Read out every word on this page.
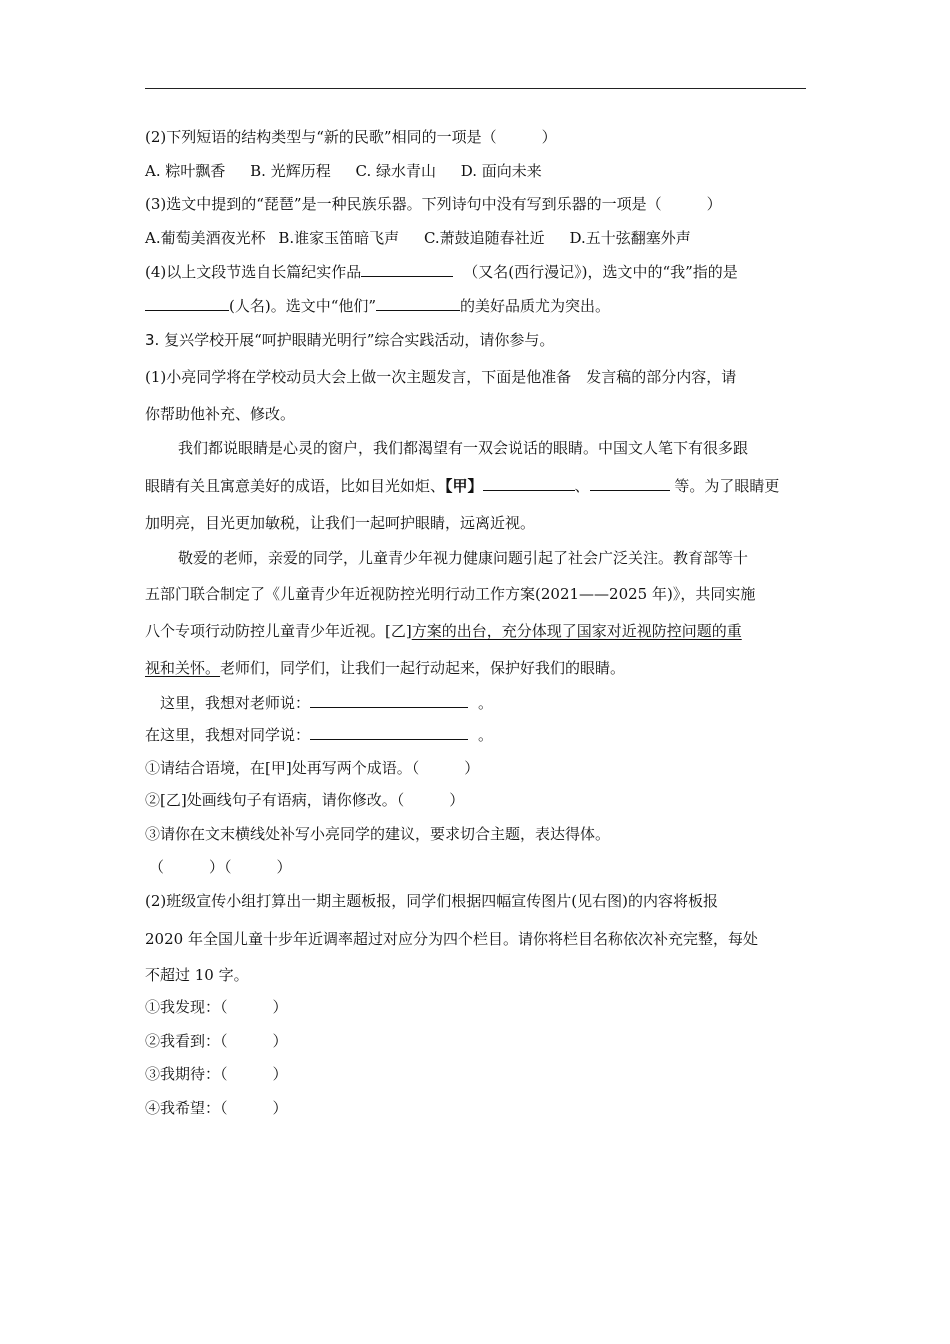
(2)下列短语的结构类型与“新的民歌”相同的一项是（　　　）
A. 粽叶飘香 B. 光辉历程 C. 绿水青山 D. 面向未来
(3)选文中提到的“琵琶”是一种民族乐器。下列诗句中没有写到乐器的一项是（　　　）
A.葡萄美酒夜光杯 B.谁家玉笛暗飞声 C.萧鼓追随春社近 D.五十弦翻塞外声
(4)以上文段节选自长篇纪实作品	（又名(西行漫记》)，选文中的“我”指的是
(人名)。选文中“他们”	的美好品质尤为突出。
3. 复兴学校开展“呵护眼睛光明行”综合实践活动，请你参与。
(1)小亮同学将在学校动员大会上做一次主题发言，下面是他准备　发言稿的部分内容，请
你帮助他补充、修改。
我们都说眼睛是心灵的窗户，我们都渴望有一双会说话的眼睛。中国文人笔下有很多跟
眼睛有关且寓意美好的成语，比如目光如炬、【甲】	、	等。为了眼睛更
加明亮，目光更加敏税，让我们一起呵护眼睛，远离近视。
敬爱的老师，亲爱的同学，儿童青少年视力健康问题引起了社会广泛关注。教育部等十
五部门联合制定了《儿童青少年近视防控光明行动工作方案(2021——2025 年)》，共同实施
八个专项行动防控儿童青少年近视。[乙]方案的出台，充分体现了国家对近视防控问题的重
视和关怀。老师们，同学们，让我们一起行动起来，保护好我们的眼睛。
这里，我想对老师说：	。
在这里，我想对同学说：	。
①请结合语境，在[甲]处再写两个成语。（　　　）
②[乙]处画线句子有语病，请你修改。（　　　）
③请你在文末横线处补写小亮同学的建议，要求切合主题，表达得体。
（　　　）（　　　）
(2)班级宣传小组打算出一期主题板报，同学们根据四幅宣传图片(见右图)的内容将板报
2020 年全国儿童十步年近调率超过对应分为四个栏目。请你将栏目名称依次补充完整，每处
不超过 10 字。
①我发现：（　　　）
②我看到：（　　　）
③我期待：（　　　）
④我希望：（　　　）
